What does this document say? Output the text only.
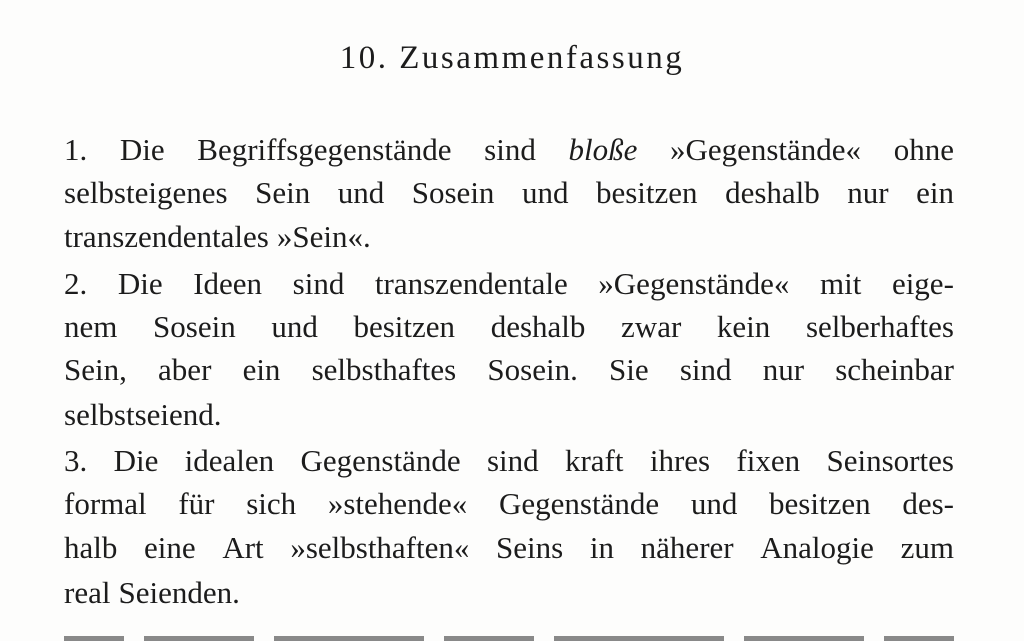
10. Zusammenfassung
1. Die Begriffsgegenstände sind bloße »Gegenstände« ohne
selbsteigenes Sein und Sosein und besitzen deshalb nur ein
transzendentales »Sein«.
2. Die Ideen sind transzendentale »Gegenstände« mit eige-
nem Sosein und besitzen deshalb zwar kein selberhaftes
Sein, aber ein selbsthaftes Sosein. Sie sind nur scheinbar
selbstseiend.
3. Die idealen Gegenstände sind kraft ihres fixen Seinsortes
formal für sich »stehende« Gegenstände und besitzen des-
halb eine Art »selbsthaften« Seins in näherer Analogie zum
real Seienden.
